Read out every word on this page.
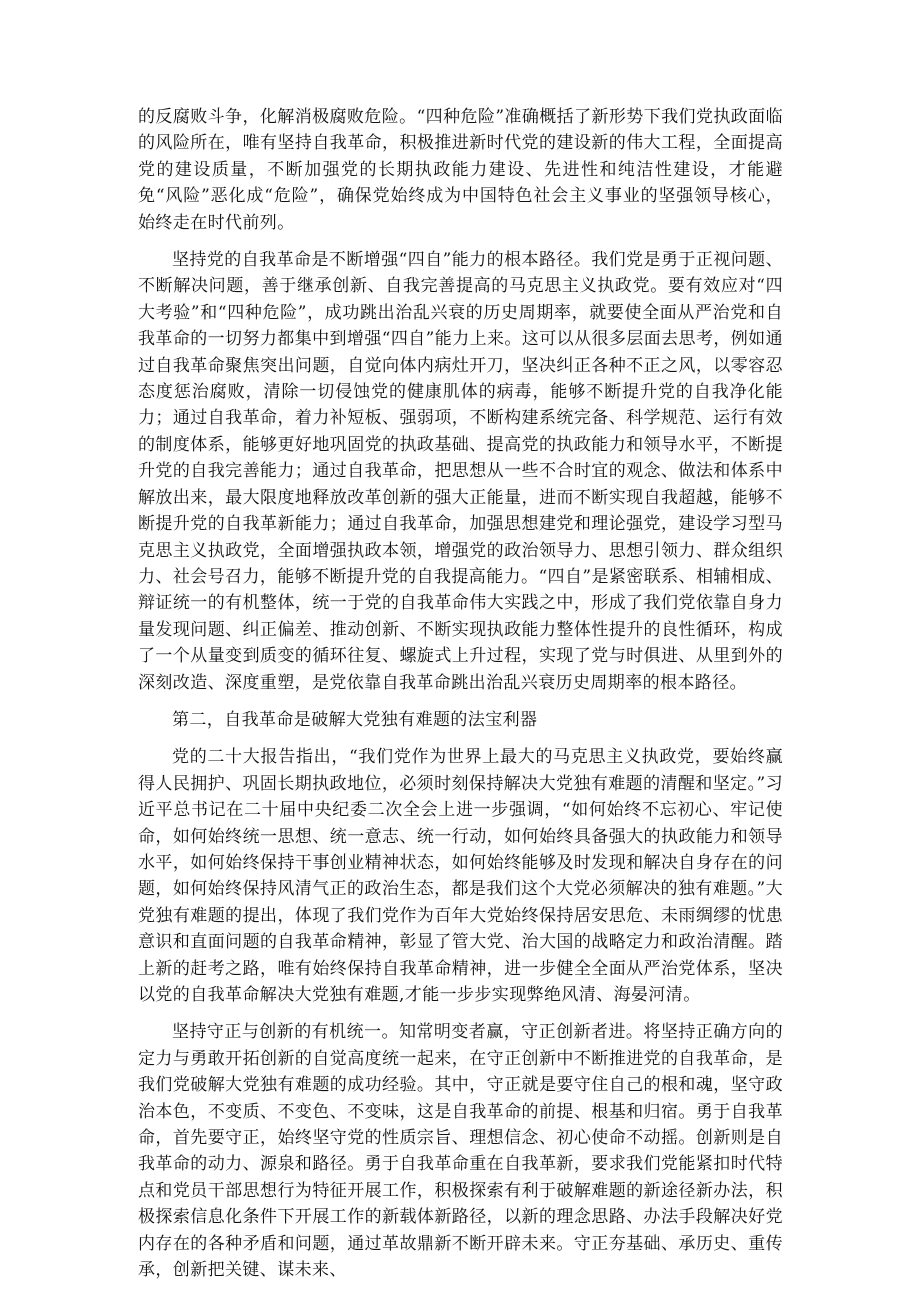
的反腐败斗争，化解消极腐败危险。“四种危险”准确概括了新形势下我们党执政面临的风险所在，唯有坚持自我革命，积极推进新时代党的建设新的伟大工程，全面提高党的建设质量，不断加强党的长期执政能力建设、先进性和纯洁性建设，才能避免“风险”恶化成“危险”，确保党始终成为中国特色社会主义事业的坚强领导核心，始终走在时代前列。

坚持党的自我革命是不断增强“四自”能力的根本路径。我们党是勇于正视问题、不断解决问题，善于继承创新、自我完善提高的马克思主义执政党。要有效应对“四大考验”和“四种危险”，成功跳出治乱兴衰的历史周期率，就要使全面从严治党和自我革命的一切努力都集中到增强“四自”能力上来。这可以从很多层面去思考，例如通过自我革命聚焦突出问题，自觉向体内病灶开刀，坚决纠正各种不正之风，以零容忍态度惩治腐败，清除一切侵蚀党的健康肌体的病毒，能够不断提升党的自我净化能力；通过自我革命，着力补短板、强弱项，不断构建系统完备、科学规范、运行有效的制度体系，能够更好地巩固党的执政基础、提高党的执政能力和领导水平，不断提升党的自我完善能力；通过自我革命，把思想从一些不合时宜的观念、做法和体系中解放出来，最大限度地释放改革创新的强大正能量，进而不断实现自我超越，能够不断提升党的自我革新能力；通过自我革命，加强思想建党和理论强党，建设学习型马克思主义执政党，全面增强执政本领，增强党的政治领导力、思想引领力、群众组织力、社会号召力，能够不断提升党的自我提高能力。“四自”是紧密联系、相辅相成、辩证统一的有机整体，统一于党的自我革命伟大实践之中，形成了我们党依靠自身力量发现问题、纠正偏差、推动创新、不断实现执政能力整体性提升的良性循环，构成了一个从量变到质变的循环往复、螺旋式上升过程，实现了党与时俱进、从里到外的深刻改造、深度重塑，是党依靠自我革命跳出治乱兴衰历史周期率的根本路径。

第二，自我革命是破解大党独有难题的法宝利器

党的二十大报告指出，“我们党作为世界上最大的马克思主义执政党，要始终赢得人民拥护、巩固长期执政地位，必须时刻保持解决大党独有难题的清醒和坚定。”习近平总书记在二十届中央纪委二次全会上进一步强调，“如何始终不忘初心、牢记使命，如何始终统一思想、统一意志、统一行动，如何始终具备强大的执政能力和领导水平，如何始终保持干事创业精神状态，如何始终能够及时发现和解决自身存在的问题，如何始终保持风清气正的政治生态，都是我们这个大党必须解决的独有难题。”大党独有难题的提出，体现了我们党作为百年大党始终保持居安思危、未雨绸缪的忧患意识和直面问题的自我革命精神，彰显了管大党、治大国的战略定力和政治清醒。踏上新的赶考之路，唯有始终保持自我革命精神，进一步健全全面从严治党体系，坚决以党的自我革命解决大党独有难题,才能一步步实现弊绝风清、海晏河清。

坚持守正与创新的有机统一。知常明变者赢，守正创新者进。将坚持正确方向的定力与勇敢开拓创新的自觉高度统一起来，在守正创新中不断推进党的自我革命，是我们党破解大党独有难题的成功经验。其中，守正就是要守住自己的根和魂，坚守政治本色，不变质、不变色、不变味，这是自我革命的前提、根基和归宿。勇于自我革命，首先要守正，始终坚守党的性质宗旨、理想信念、初心使命不动摇。创新则是自我革命的动力、源泉和路径。勇于自我革命重在自我革新，要求我们党能紧扣时代特点和党员干部思想行为特征开展工作，积极探索有利于破解难题的新途径新办法，积极探索信息化条件下开展工作的新载体新路径，以新的理念思路、办法手段解决好党内存在的各种矛盾和问题，通过革故鼎新不断开辟未来。守正夯基础、承历史、重传承，创新把关键、谋未来、
